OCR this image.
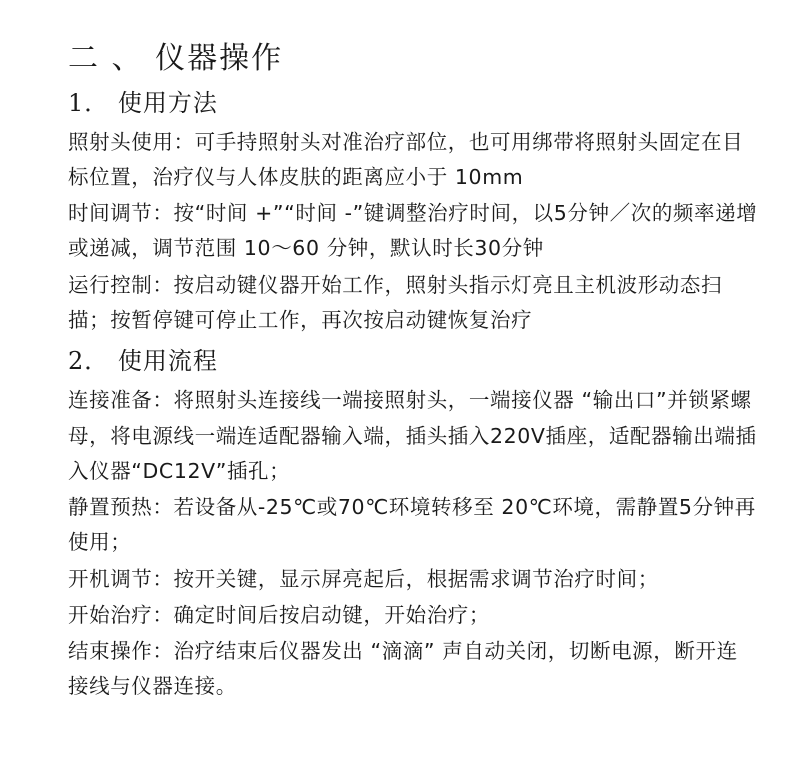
二 、 仪器操作
1． 使用方法

照射头使用：可手持照射头对准治疗部位，也可用绑带将照射头固定在目标位置，治疗仪与人体皮肤的距离应小于 10mm

时间调节：按“时间 +”“时间 -”键调整治疗时间，以5分钟／次的频率递增或递减，调节范围 10～60 分钟，默认时长30分钟

运行控制：按启动键仪器开始工作，照射头指示灯亮且主机波形动态扫描；按暂停键可停止工作，再次按启动键恢复治疗

2． 使用流程

连接准备：将照射头连接线一端接照射头，一端接仪器 “输出口”并锁紧螺母，将电源线一端连适配器输入端，插头插入220V插座，适配器输出端插入仪器“DC12V”插孔；

静置预热：若设备从-25℃或70℃环境转移至 20℃环境，需静置5分钟再使用；

开机调节：按开关键，显示屏亮起后，根据需求调节治疗时间；

开始治疗：确定时间后按启动键，开始治疗；

结束操作：治疗结束后仪器发出 “滴滴” 声自动关闭，切断电源，断开连接线与仪器连接。
